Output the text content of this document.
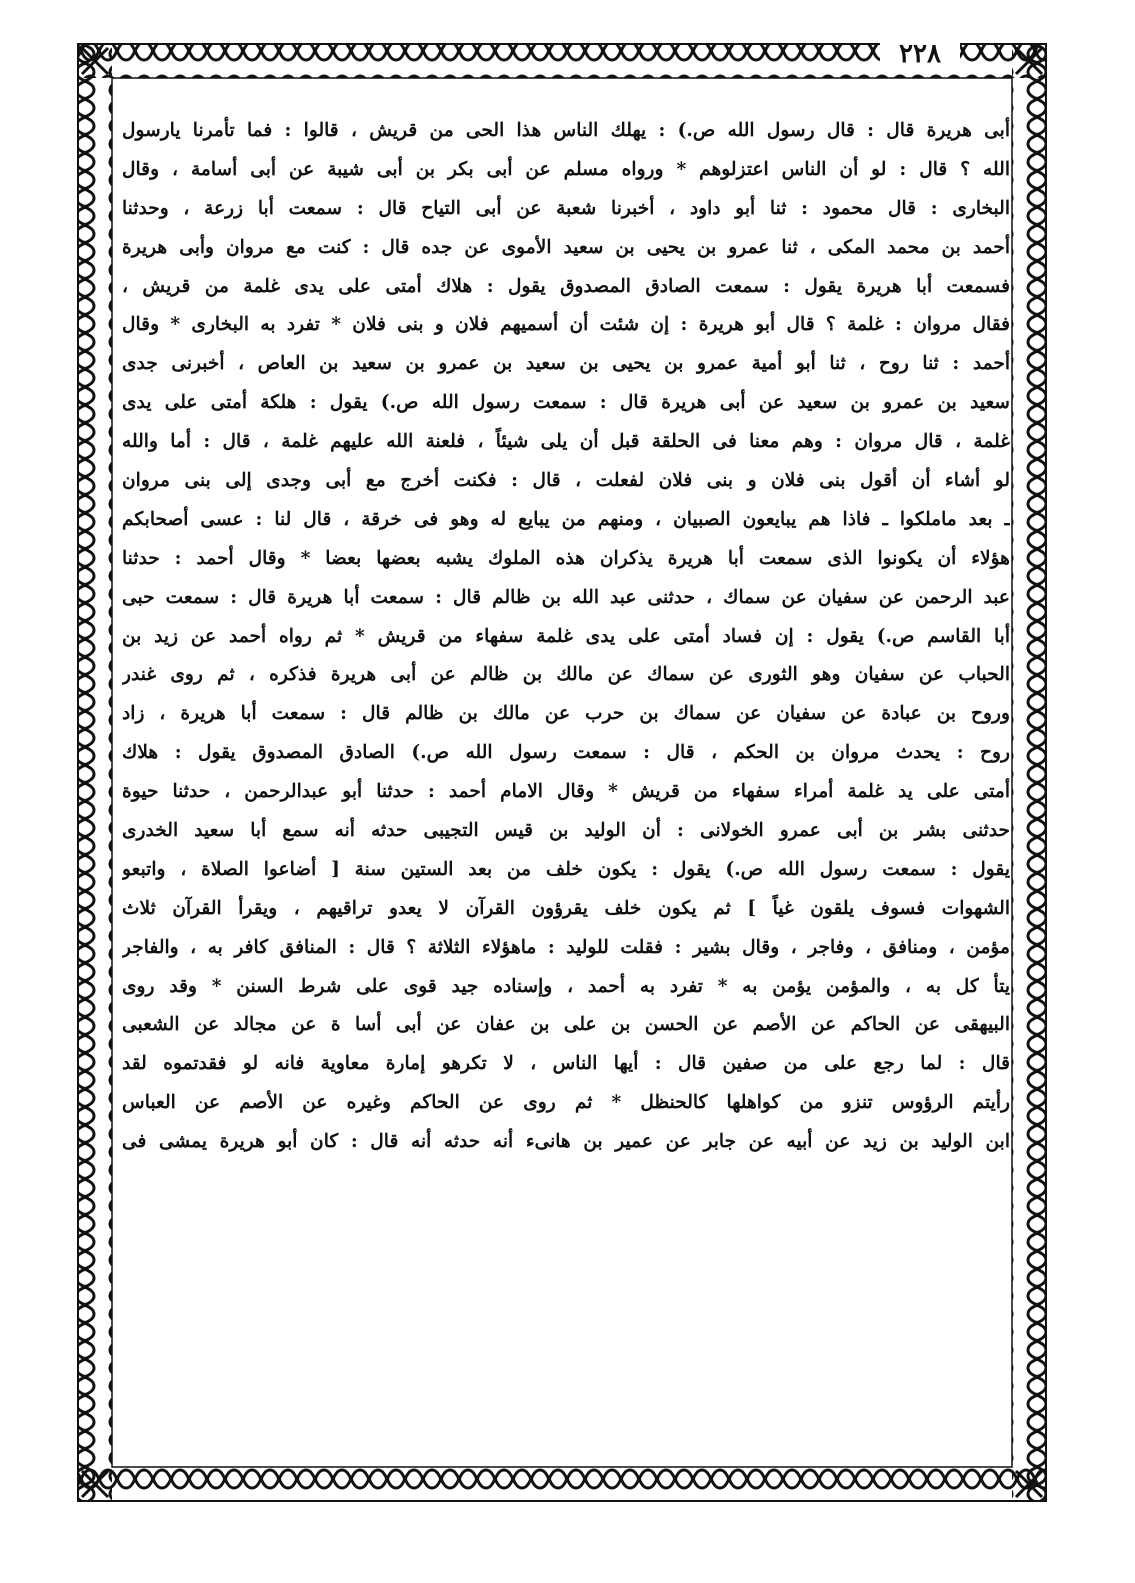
٢٢٨
أبى هريرة قال : قال رسول الله ص.) : يهلك الناس هذا الحى من قريش ، قالوا : فما تأمرنا يارسول
الله ؟ قال : لو أن الناس اعتزلوهم * ورواه مسلم عن أبى بكر بن أبى شيبة عن أبى أسامة ، وقال
البخارى : قال محمود : ثنا أبو داود ، أخبرنا شعبة عن أبى التياح قال : سمعت أبا زرعة ، وحدثنا
أحمد بن محمد المكى ، ثنا عمرو بن يحيى بن سعيد الأموى عن جده قال : كنت مع مروان وأبى هريرة
فسمعت أبا هريرة يقول : سمعت الصادق المصدوق يقول : هلاك أمتى على يدى غلمة من قريش ،
فقال مروان : غلمة ؟ قال أبو هريرة : إن شئت أن أسميهم فلان و بنى فلان * تفرد به البخارى * وقال
أحمد : ثنا روح ، ثنا أبو أمية عمرو بن يحيى بن سعيد بن عمرو بن سعيد بن العاص ، أخبرنى جدى
سعيد بن عمرو بن سعيد عن أبى هريرة قال : سمعت رسول الله ص.) يقول : هلكة أمتى على يدى
غلمة ، قال مروان : وهم معنا فى الحلقة قبل أن يلى شيئاً ، فلعنة الله عليهم غلمة ، قال : أما والله
لو أشاء أن أقول بنى فلان و بنى فلان لفعلت ، قال : فكنت أخرج مع أبى وجدى إلى بنى مروان
ـ بعد ماملكوا ـ فاذا هم يبايعون الصبيان ، ومنهم من يبايع له وهو فى خرقة ، قال لنا : عسى أصحابكم
هؤلاء أن يكونوا الذى سمعت أبا هريرة يذكران هذه الملوك يشبه بعضها بعضا * وقال أحمد : حدثنا
عبد الرحمن عن سفيان عن سماك ، حدثنى عبد الله بن ظالم قال : سمعت أبا هريرة قال : سمعت حبى
أبا القاسم ص.) يقول : إن فساد أمتى على يدى غلمة سفهاء من قريش * ثم رواه أحمد عن زيد بن
الحباب عن سفيان وهو الثورى عن سماك عن مالك بن ظالم عن أبى هريرة فذكره ، ثم روى غندر
وروح بن عبادة عن سفيان عن سماك بن حرب عن مالك بن ظالم قال : سمعت أبا هريرة ، زاد
روح : يحدث مروان بن الحكم ، قال : سمعت رسول الله ص.) الصادق المصدوق يقول : هلاك
أمتى على يد غلمة أمراء سفهاء من قريش * وقال الامام أحمد : حدثنا أبو عبدالرحمن ، حدثنا حيوة
حدثنى بشر بن أبى عمرو الخولانى : أن الوليد بن قيس التجيبى حدثه أنه سمع أبا سعيد الخدرى
يقول : سمعت رسول الله ص.) يقول : يكون خلف من بعد الستين سنة [ أضاعوا الصلاة ، واتبعو
الشهوات فسوف يلقون غياً ] ثم يكون خلف يقرؤون القرآن لا يعدو تراقيهم ، ويقرأ القرآن ثلاث
مؤمن ، ومنافق ، وفاجر ، وقال بشير : فقلت للوليد : ماهؤلاء الثلاثة ؟ قال : المنافق كافر به ، والفاجر
يتأ كل به ، والمؤمن يؤمن به * تفرد به أحمد ، وإسناده جيد قوى على شرط السنن * وقد روى
البيهقى عن الحاكم عن الأصم عن الحسن بن على بن عفان عن أبى أسا ة عن مجالد عن الشعبى
قال : لما رجع على من صفين قال : أيها الناس ، لا تكرهو إمارة معاوية فانه لو فقدتموه لقد
رأيتم الرؤوس تنزو من كواهلها كالحنظل * ثم روى عن الحاكم وغيره عن الأصم عن العباس
ابن الوليد بن زيد عن أبيه عن جابر عن عمير بن هانىء أنه حدثه أنه قال : كان أبو هريرة يمشى فى
